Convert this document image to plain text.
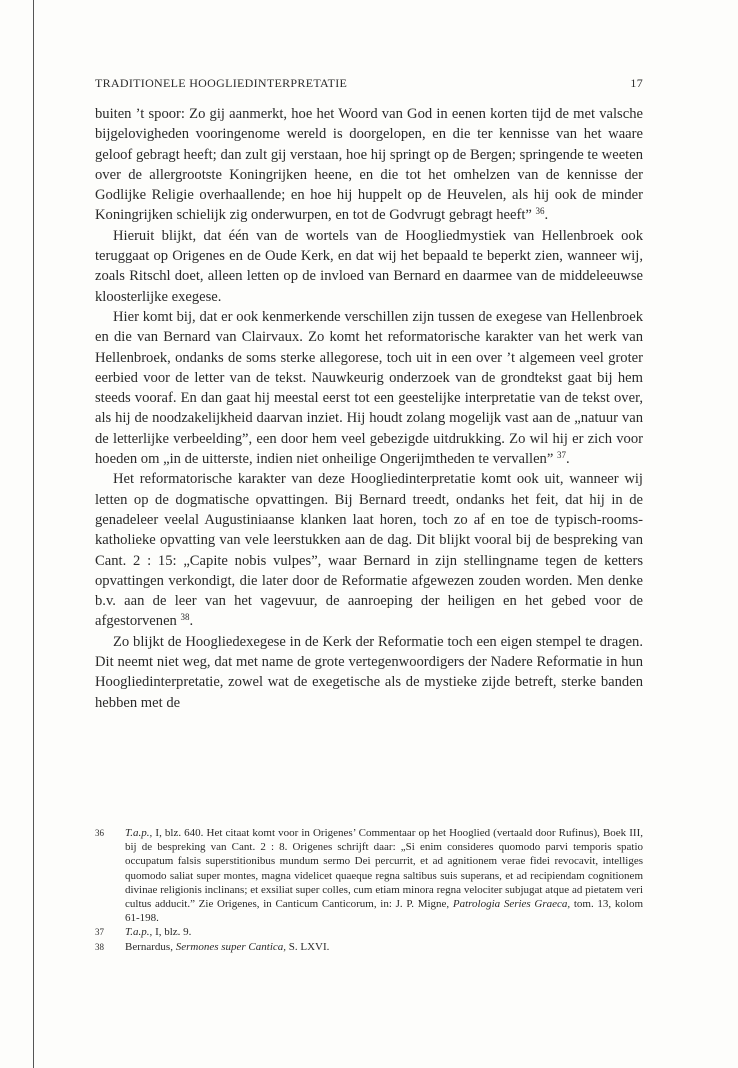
TRADITIONELE HOOGLIEDINTERPRETATIE	17

buiten ’t spoor: Zo gij aanmerkt, hoe het Woord van God in eenen korten tijd de met valsche bijgelovigheden vooringenome wereld is doorgelopen, en die ter kennisse van het waare geloof gebragt heeft; dan zult gij verstaan, hoe hij springt op de Bergen; springende te weeten over de allergrootste Koningrijken heene, en die tot het omhelzen van de kennisse der Godlijke Religie overhaallende; en hoe hij huppelt op de Heuvelen, als hij ook de minder Koningrijken schielijk zig onderwurpen, en tot de Godvrugt gebragt heeft” $^{36}$.

Hieruit blijkt, dat één van de wortels van de Hoogliedmystiek van Hellenbroek ook teruggaat op Origenes en de Oude Kerk, en dat wij het bepaald te beperkt zien, wanneer wij, zoals Ritschl doet, alleen letten op de invloed van Bernard en daarmee van de middeleeuwse kloosterlijke exegese.

Hier komt bij, dat er ook kenmerkende verschillen zijn tussen de exegese van Hellenbroek en die van Bernard van Clairvaux. Zo komt het reformatorische karakter van het werk van Hellenbroek, ondanks de soms sterke allegorese, toch uit in een over ’t algemeen veel groter eerbied voor de letter van de tekst. Nauwkeurig onderzoek van de grondtekst gaat bij hem steeds vooraf. En dan gaat hij meestal eerst tot een geestelijke interpretatie van de tekst over, als hij de noodzakelijkheid daarvan inziet. Hij houdt zolang mogelijk vast aan de „natuur van de letterlijke verbeelding”, een door hem veel gebezigde uitdrukking. Zo wil hij er zich voor hoeden om „in de uitterste, indien niet onheilige Ongerijmtheden te vervallen” $^{37}$.

Het reformatorische karakter van deze Hoogliedinterpretatie komt ook uit, wanneer wij letten op de dogmatische opvattingen. Bij Bernard treedt, ondanks het feit, dat hij in de genadeleer veelal Augustiniaanse klanken laat horen, toch zo af en toe de typisch-rooms-katholieke opvatting van vele leerstukken aan de dag. Dit blijkt vooral bij de bespreking van Cant. 2 : 15: „Capite nobis vulpes”, waar Bernard in zijn stellingname tegen de ketters opvattingen verkondigt, die later door de Reformatie afgewezen zouden worden. Men denke b.v. aan de leer van het vagevuur, de aanroeping der heiligen en het gebed voor de afgestorvenen $^{38}$.

Zo blijkt de Hoogliedexegese in de Kerk der Reformatie toch een eigen stempel te dragen. Dit neemt niet weg, dat met name de grote vertegenwoordigers der Nadere Reformatie in hun Hoogliedinterpretatie, zowel wat de exegetische als de mystieke zijde betreft, sterke banden hebben met de

36	T.a.p., I, blz. 640. Het citaat komt voor in Origenes’ Commentaar op het Hooglied (vertaald door Rufinus), Boek III, bij de bespreking van Cant. 2 : 8. Origenes schrijft daar: „Si enim consideres quomodo parvi temporis spatio occupatum falsis superstitionibus mundum sermo Dei percurrit, et ad agnitionem verae fidei revocavit, intelliges quomodo saliat super montes, magna videlicet quaeque regna saltibus suis superans, et ad recipiendam cognitionem divinae religionis inclinans; et exsiliat super colles, cum etiam minora regna velociter subjugat atque ad pietatem veri cultus adducit.” Zie Origenes, in Canticum Canticorum, in: J. P. Migne, Patrologia Series Graeca, tom. 13, kolom 61-198.
37	T.a.p., I, blz. 9.
38	Bernardus, Sermones super Cantica, S. LXVI.
